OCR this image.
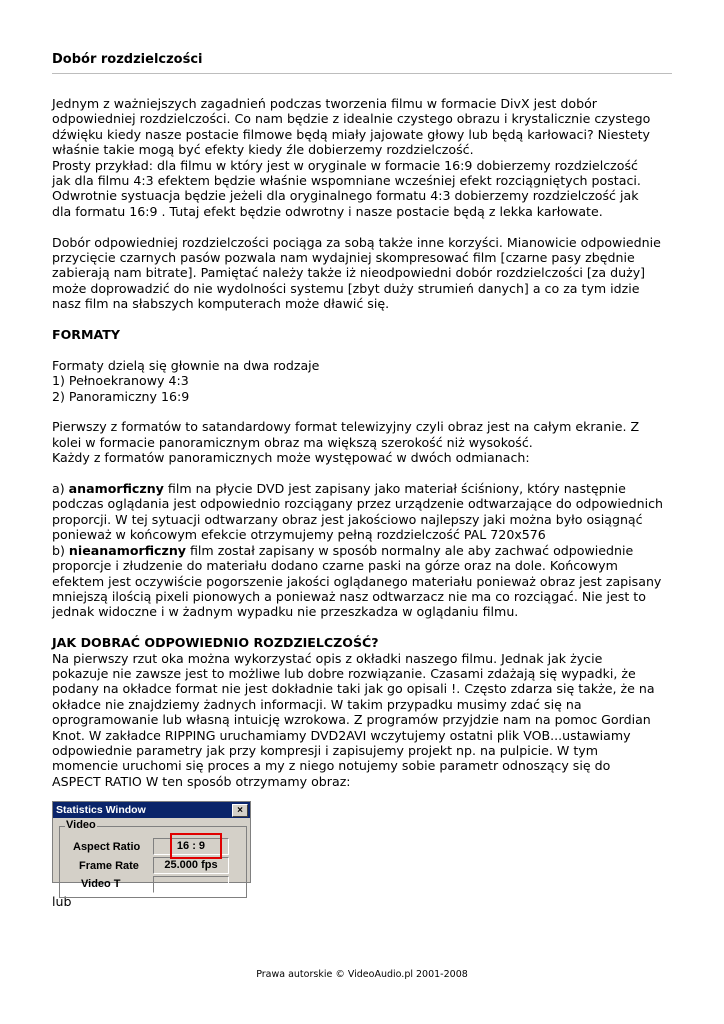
Dobór rozdzielczości

Jednym z ważniejszych zagadnień podczas tworzenia filmu w formacie DivX jest dobór

odpowiedniej rozdzielczości. Co nam będzie z idealnie czystego obrazu i krystalicznie czystego

dźwięku kiedy nasze postacie filmowe będą miały jajowate głowy lub będą karłowaci? Niestety

właśnie takie mogą być efekty kiedy źle dobierzemy rozdzielczość.

Prosty przykład: dla filmu w który jest w oryginale w formacie 16:9 dobierzemy rozdzielczość

jak dla filmu 4:3 efektem będzie właśnie wspomniane wcześniej efekt rozciągniętych postaci.

Odwrotnie systuacja będzie jeżeli dla oryginalnego formatu 4:3 dobierzemy rozdzielczość jak

dla formatu 16:9 . Tutaj efekt będzie odwrotny i nasze postacie będą z lekka karłowate.

Dobór odpowiedniej rozdzielczości pociąga za sobą także inne korzyści. Mianowicie odpowiednie

przycięcie czarnych pasów pozwala nam wydajniej skompresować film [czarne pasy zbędnie

zabierają nam bitrate]. Pamiętać należy także iż nieodpowiedni dobór rozdzielczości [za duży]

może doprowadzić do nie wydolności systemu [zbyt duży strumień danych] a co za tym idzie

nasz film na słabszych komputerach może dławić się.

FORMATY

Formaty dzielą się głownie na dwa rodzaje

1) Pełnoekranowy 4:3

2) Panoramiczny 16:9

Pierwszy z formatów to satandardowy format telewizyjny czyli obraz jest na całym ekranie. Z

kolei w formacie panoramicznym obraz ma większą szerokość niż wysokość.

Każdy z formatów panoramicznych może występować w dwóch odmianach:

a) anamorficzny film na płycie DVD jest zapisany jako materiał ściśniony, który następnie

podczas oglądania jest odpowiednio rozciągany przez urządzenie odtwarzające do odpowiednich

proporcji. W tej sytuacji odtwarzany obraz jest jakościowo najlepszy jaki można było osiągnąć

ponieważ w końcowym efekcie otrzymujemy pełną rozdzielczość PAL 720x576

b) nieanamorficzny film został zapisany w sposób normalny ale aby zachwać odpowiednie

proporcje i złudzenie do materiału dodano czarne paski na górze oraz na dole. Końcowym

efektem jest oczywiście pogorszenie jakości oglądanego materiału ponieważ obraz jest zapisany

mniejszą ilością pixeli pionowych a ponieważ nasz odtwarzacz nie ma co rozciągać. Nie jest to

jednak widoczne i w żadnym wypadku nie przeszkadza w oglądaniu filmu.

JAK DOBRAĆ ODPOWIEDNIO ROZDZIELCZOŚĆ?

Na pierwszy rzut oka można wykorzystać opis z okładki naszego filmu. Jednak jak życie

pokazuje nie zawsze jest to możliwe lub dobre rozwiązanie. Czasami zdażają się wypadki, że

podany na okładce format nie jest dokładnie taki jak go opisali !. Często zdarza się także, że na

okładce nie znajdziemy żadnych informacji. W takim przypadku musimy zdać się na

oprogramowanie lub własną intuicję wzrokowa. Z programów przyjdzie nam na pomoc Gordian

Knot. W zakładce RIPPING uruchamiamy DVD2AVI wczytujemy ostatni plik VOB...ustawiamy

odpowiednie parametry jak przy kompresji i zapisujemy projekt np. na pulpicie. W tym

momencie uruchomi się proces a my z niego notujemy sobie parametr odnoszący się do

ASPECT RATIO W ten sposób otrzymamy obraz:

Statistics Window	×
Video
Aspect Ratio	16 : 9
Frame Rate	25.000 fps
Video T

lub

Prawa autorskie © VideoAudio.pl 2001-2008
